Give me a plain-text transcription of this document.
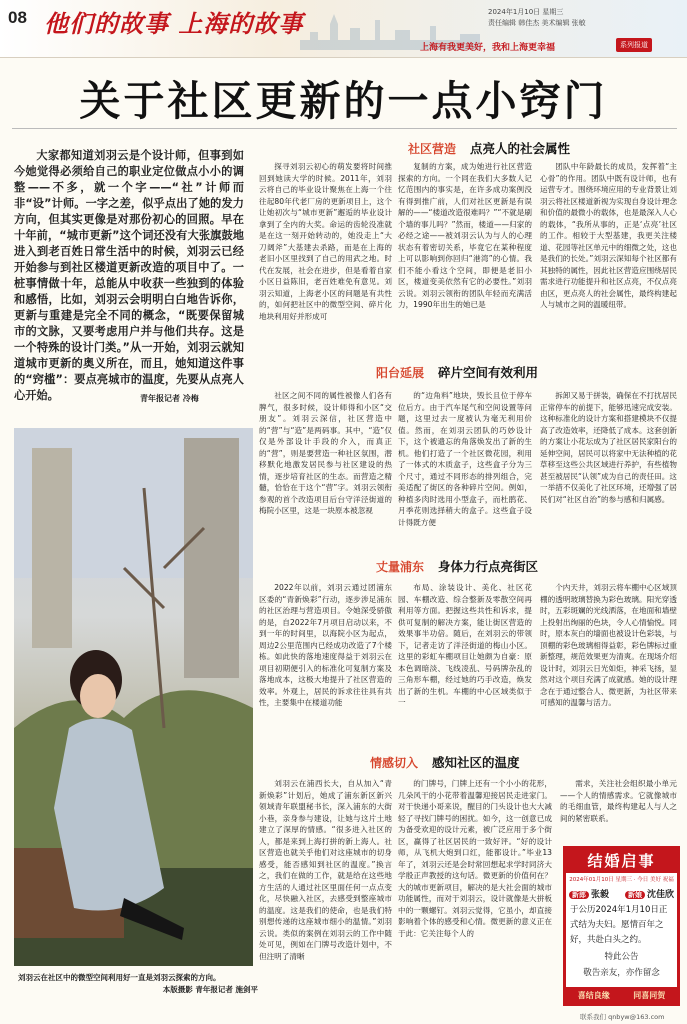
08 他们的故事 上海的故事	2024年1月10日 星期三
责任编辑 韩佳杰 美术编辑 张敏
上海有我更美好，我和上海更幸福	系列报道
关于社区更新的一点小窍门
大家都知道刘羽云是个设计师，但事到如今她觉得必须给自己的职业定位做点小小的调整——不多，就一个字——“社”计师而非“设”计师。一字之差，似乎点出了她的发力方向，但其实更像是对那份初心的回照。早在十年前，“城市更新”这个词还没有大张旗鼓地进入到老百姓日常生活中的时候，刘羽云已经开始参与到社区楼道更新改造的项目中了。一桩事情做十年，总能从中收获一些独到的体验和感悟，比如，刘羽云会明明白白地告诉你，更新与重建是完全不同的概念，“既要保留城市的文脉，又要考虑用户并与他们共存。这是一个特殊的设计门类。”从一开始，刘羽云就知道城市更新的奥义所在，而且，她知道这件事的“窍槛”：要点亮城市的温度，先要从点亮人心开始。	青年报记者 冷梅
刘羽云在社区中的微型空间利用好一直是刘羽云探索的方向。
本版摄影 青年报记者 施剑平
社区营造 点亮人的社会属性

探寻刘羽云初心的萌发要将时间推回到她读大学的时候。2011年，刘羽云将自己的毕业设计聚焦在上海一个往往起80年代老厂房的更新项目上，这个让她初次与“城市更新”邂逅的毕业设计拿到了全内的大奖。命运的齿轮没准就是在这一刻开始转动的，她没走上“大刀阔斧”大基建去杀路，而是在上海的老旧小区里找到了自己的用武之地。时代在发展，社会在进步，但是看着自家小区日益陈旧，老百姓难免有意见。刘羽云知道，上海老小区的问题是有共性的，如何把社区中的微型空间、碎片化地块利用好并形成可

复制的方案，成为她进行社区营造探索的方向。一个同在我们大多数人记忆范围内的事实是，在许多成功案例没有得到推广前，人们对社区更新是有误解的——“楼道改造很难吗？”“不就是刷个墙的事儿吗？”然而，楼道——归家的必经之途——被刘羽云认为与人的心理状态有着密切关系，毕竟它在某种程度上可以影响到你回归“港湾”的心情。我们不能小看这个空间，即便是老旧小区，楼道变美依然有它的必要性。”刘羽云说。刘羽云领衔的团队年轻而充满活力，1990年出生的她已是

团队中年龄最长的成员，发挥着“主心骨”的作用。团队中既有设计师，也有运营专才。围绕环境应用的专业背景让刘羽云将社区楼道新视为实现自身设计理念和价值的最微小的载体，也是最深入人心的载体，“我所从事的，正是‘点亮’社区的工作。相较于大型基建，我更关注楼道、花园等社区单元中的细微之处，这也是我们的长处。”刘羽云深知每个社区都有其独特的属性，因此社区营造应围绕居民需求进行功能提升和社区点亮，不仅点亮由区，更点亮人的社会属性，最终构建起人与城市之间的温暖纽带。

阳台延展 碎片空间有效利用

社区之间不同的属性被像人们各有脾气，很多时候，设计师得和小区“交朋友”。刘羽云深信，社区营造中的“营”与“造”是两码事。其中，“造”仅仅是外部设计手段的介入，而真正的“营”，则是要营造一种社区氛围，潜移默化地激发居民参与社区建设的热情，逐步培育社区的生态。而营造之精髓，恰恰在于这个“营”字。刘羽云领衔参观的首个改造项目后台守洋泾街道的梅院小区里，这是一块原本被忽视

的“边角料”地块，毁长且位于停车位后方。由于汽车尾气和空间设置等问题，这里过去一度被认为毫无利用价值。然而，在刘羽云团队的巧妙设计下，这个被遗忘的角落焕发出了新的生机。他们打造了一个社区微花园，利用了一体式的木质盒子，这些盒子分为三个尺寸，通过不同形态的排列组合，完美适配了街区的各种碎片空间。例如，种植多肉时选用小型盒子，而杜鹃花、月季花则选择稍大的盒子。这些盒子设计得既方便

拆卸又易于拼装，确保在不打扰居民正常停车的前提下，能够迅速完成安装。这种标准化的设计方案和搭建模块不仅提高了改造效率，还降低了成本。这套创新的方案让小花坛成为了社区居民家阳台的延伸空间，居民可以将家中无法种植的花草移至这些公共区域进行养护，有些植物甚至被居民“认领”成为自己的责任田。这一举措不仅美化了社区环境，还增强了居民们对“社区自治”的参与感和归属感。

丈量浦东 身体力行点亮街区

2022年以前，刘羽云通过团浦东区委的“青新焕彩”行动，逐步涉足浦东的社区治理与营造项目。令她深受骄傲的是，自2022年7月项目启动以来，不到一年的时间里，以海院小区为起点，周边2公里范围内已经成功改造了7个楼栋。如此快的落地速度得益于刘羽云在项目初期便引入的标准化可复制方案及落地成本，这极大地提升了社区营造的效率。外观上，居民的诉求往往具有共性，主要集中在楼道功能

布局、涂装设计、美化、社区花园、车棚改造、综合整新及零散空间再利用等方面。把握这些共性和诉求，提供可复制的解决方案，能让街区营造的效果事半功倍。随后，在刘羽云的带领下，记者走访了洋泾街道的梅山小区。这里的彩虹车棚项目让她颇为自豪：原本色调暗淡、飞线凌乱、号码牌杂乱的三角形车棚，经过她的巧手改造，焕发出了新的生机。车棚的中心区域类似于一

个内天井，刘羽云将车棚中心区域顶棚的透明玻璃替换为彩色玻璃。阳光穿透时，五彩斑斓的光线洒落，在地面和墙壁上投射出绚丽的色块，令人心情愉悦。同时，原本灰白的墙面也被设计色彩装，与顶棚的彩色玻璃相得益彰，彩色牌标过重新整理，规范效果更为清爽。在现场介绍设计时，刘羽云日光如炬，神采飞扬，显然对这个项目充满了成就感。她的设计理念在于通过整合人、微更新，为社区带来可感知的温馨与活力。

情感切入 感知社区的温度

刘羽云在浦西长大，自从加入“青新焕彩”计划后，她成了浦东新区新兴领域青年联盟秘书长，深入浦东的大街小巷，亲身参与建设，让她与这片土地建立了深厚的情感。“很多进入社区的人，都是来到上海打拼的新上海人。社区营造也就关乎他们对这座城市的切身感受，能否感知到社区的温度。”换言之，我们在做的工作，就是给在这些地方生活的人通过社区里面任何一点点变化，尽快融入社区，去感受到整座城市的温度。这是我们的使命，也是我们特别想传递的这座城市细小的温情。”刘羽云说。类似的案例在刘羽云的工作中随处可见，例如在门牌号改造计划中，不但注明了清晰

的门牌号，门牌上还有一个小小的花形，几朵风干的小花带着温馨迎接居民走进家门。对于快递小哥来说，醒目的门头设计也大大减轻了寻找门牌号的困扰。如今，这一创意已成为备受欢迎的设计元素，被广泛应用于多个街区，赢得了社区居民的一致好评。“好的设计师，从飞机大炮到口红，能都设计。”毕业13年了，刘羽云还是会时常回想起求学时同济大学殷正声教授的这句话。微更新的价值何在？大的城市更新项目，解决的是大社会面的城市功能属性，而对于刘羽云，设计就像是大拼板中的一颗螺钉。刘羽云觉得，它虽小，却直接影响着个体的感受和心情。微更新的意义正在于此：它关注每个人的

需求，关注社会组织最小单元——个人的情感需求。它就像城市的毛细血管，最终构建起人与人之间的紧密联系。

结婚启事
2024年01月10日 星期三 · 今日 美好 祝福
新郎 张毅	新娘 沈佳欣
于公历2024年1月10日正式结为夫妇。愿情百年之好，共赴白头之约。
特此公告
敬告亲友，亦作留念
喜结良缘	同喜同贺
联系我们 qnbyw@163.com
